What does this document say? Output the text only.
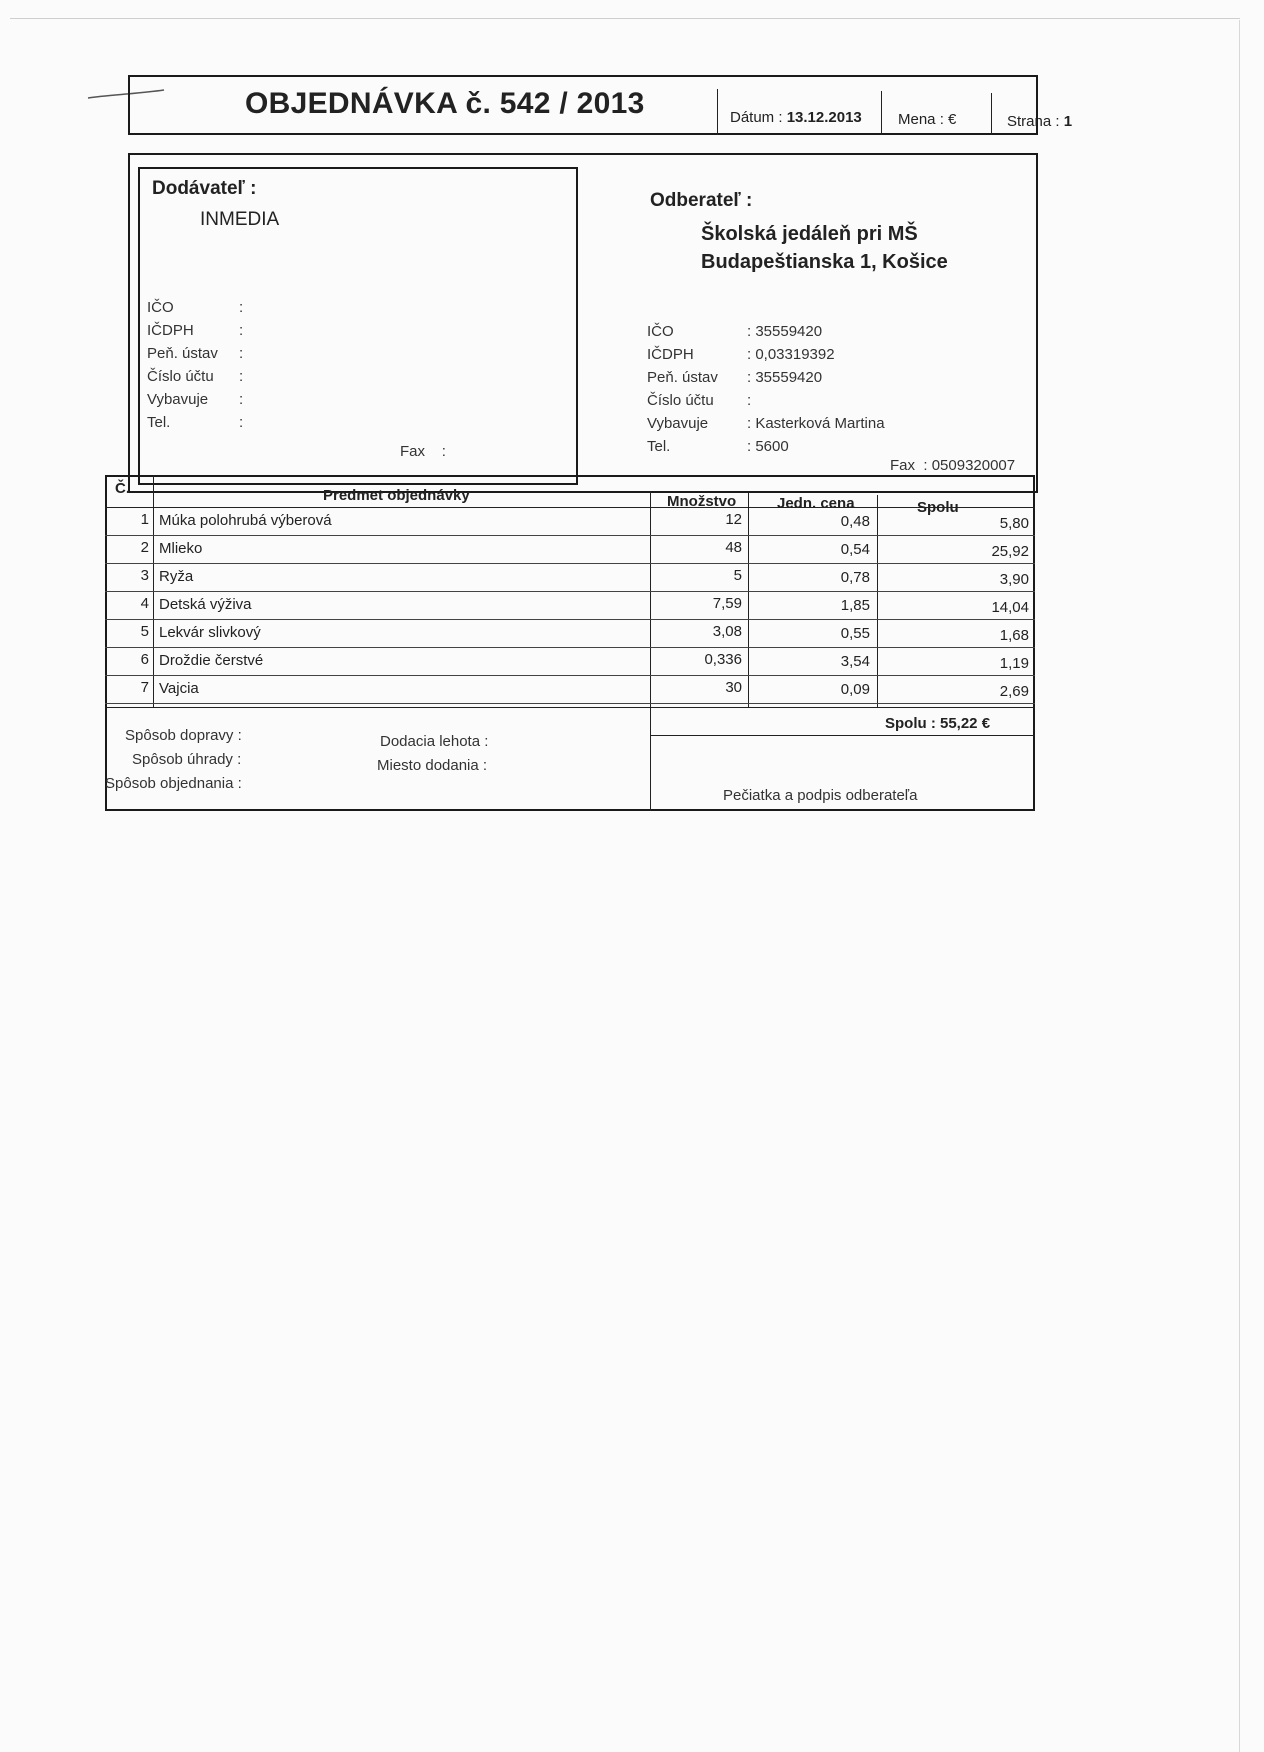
OBJEDNÁVKA č. 542 / 2013	Dátum : 13.12.2013 Mena : €	Strana : 1
Dodávateľ :
INMEDIA
IČO	:
IČDPH	:
Peň. ústav	:
Číslo účtu	:
Vybavuje	:
Tel.	:
Fax :
Odberateľ :
Školská jedáleň pri MŠ
Budapeštianska 1, Košice
IČO	: 35559420
IČDPH	: 0,03319392
Peň. ústav	: 35559420
Číslo účtu	:
Vybavuje	: Kasterková Martina
Tel.	: 5600
Fax : 0509320007
Č.	Predmet objednávky	Množstvo	Jedn. cena	Spolu
1 Múka polohrubá výberová	12	0,48	5,80
2 Mlieko	48	0,54	25,92
3 Ryža	5	0,78	3,90
4 Detská výživa	7,59	1,85	14,04
5 Lekvár slivkový	3,08	0,55	1,68
6 Droždie čerstvé	0,336	3,54	1,19
7 Vajcia	30	0,09	2,69
Spolu : 55,22 €
Spôsob dopravy :
Spôsob úhrady :
Spôsob objednania :
Dodacia lehota :
Miesto dodania :
Pečiatka a podpis odberateľa
